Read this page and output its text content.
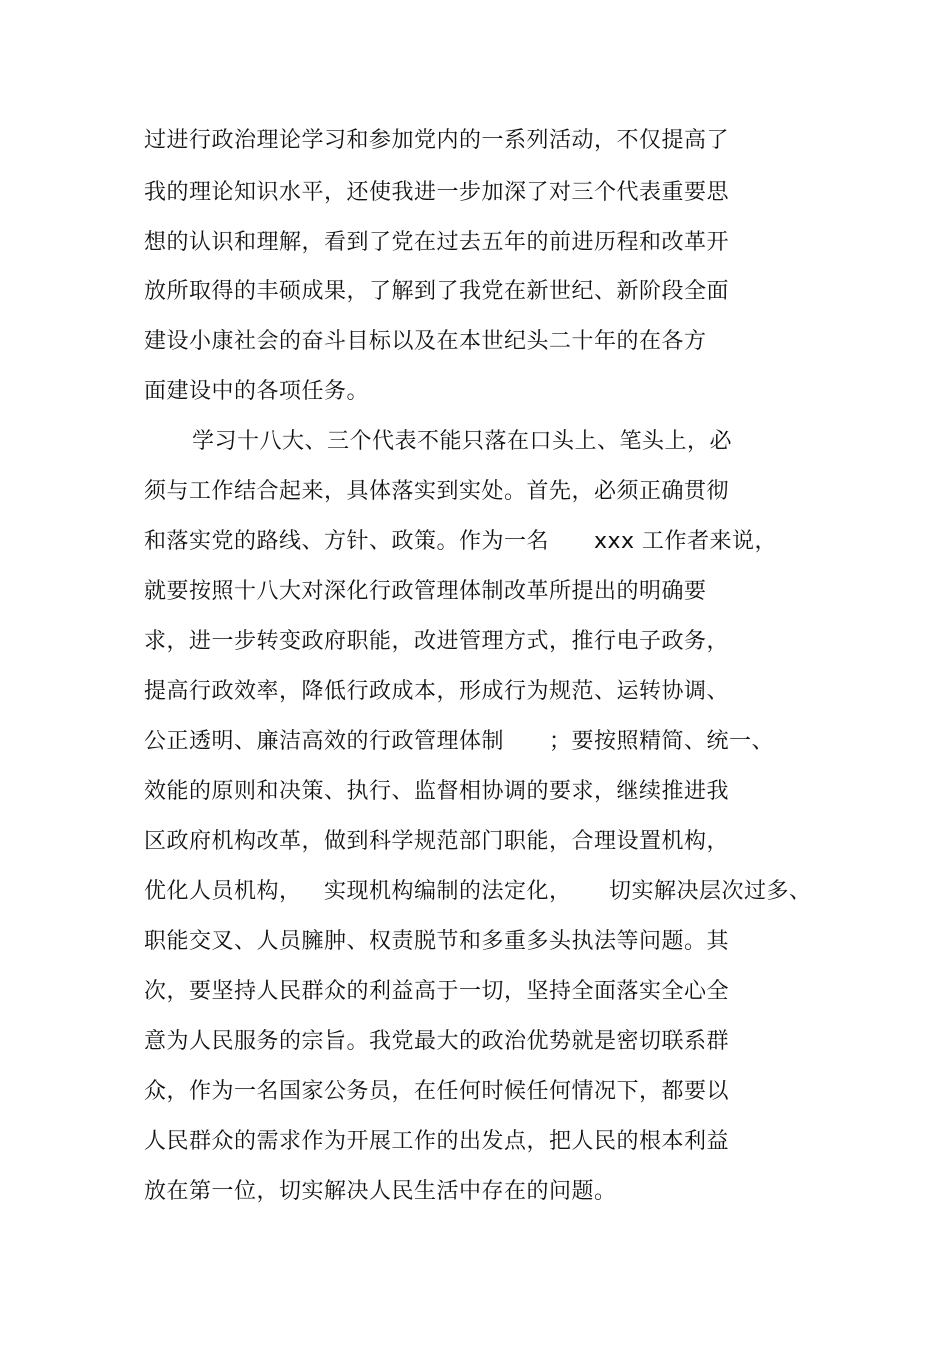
过进行政治理论学习和参加党内的一系列活动，不仅提高了
我的理论知识水平，还使我进一步加深了对三个代表重要思
想的认识和理解，看到了党在过去五年的前进历程和改革开
放所取得的丰硕成果，了解到了我党在新世纪、新阶段全面
建设小康社会的奋斗目标以及在本世纪头二十年的在各方
面建设中的各项任务。
学习十八大、三个代表不能只落在口头上、笔头上，必
须与工作结合起来，具体落实到实处。首先，必须正确贯彻
和落实党的路线、方针、政策。作为一名      xxx 工作者来说，
就要按照十八大对深化行政管理体制改革所提出的明确要
求，进一步转变政府职能，改进管理方式，推行电子政务，
提高行政效率，降低行政成本，形成行为规范、运转协调、
公正透明、廉洁高效的行政管理体制      ；要按照精简、统一、
效能的原则和决策、执行、监督相协调的要求，继续推进我
区政府机构改革，做到科学规范部门职能，合理设置机构，
优化人员机构，   实现机构编制的法定化，     切实解决层次过多、
职能交叉、人员臃肿、权责脱节和多重多头执法等问题。其
次，要坚持人民群众的利益高于一切，坚持全面落实全心全
意为人民服务的宗旨。我党最大的政治优势就是密切联系群
众，作为一名国家公务员，在任何时候任何情况下，都要以
人民群众的需求作为开展工作的出发点，把人民的根本利益
放在第一位，切实解决人民生活中存在的问题。
